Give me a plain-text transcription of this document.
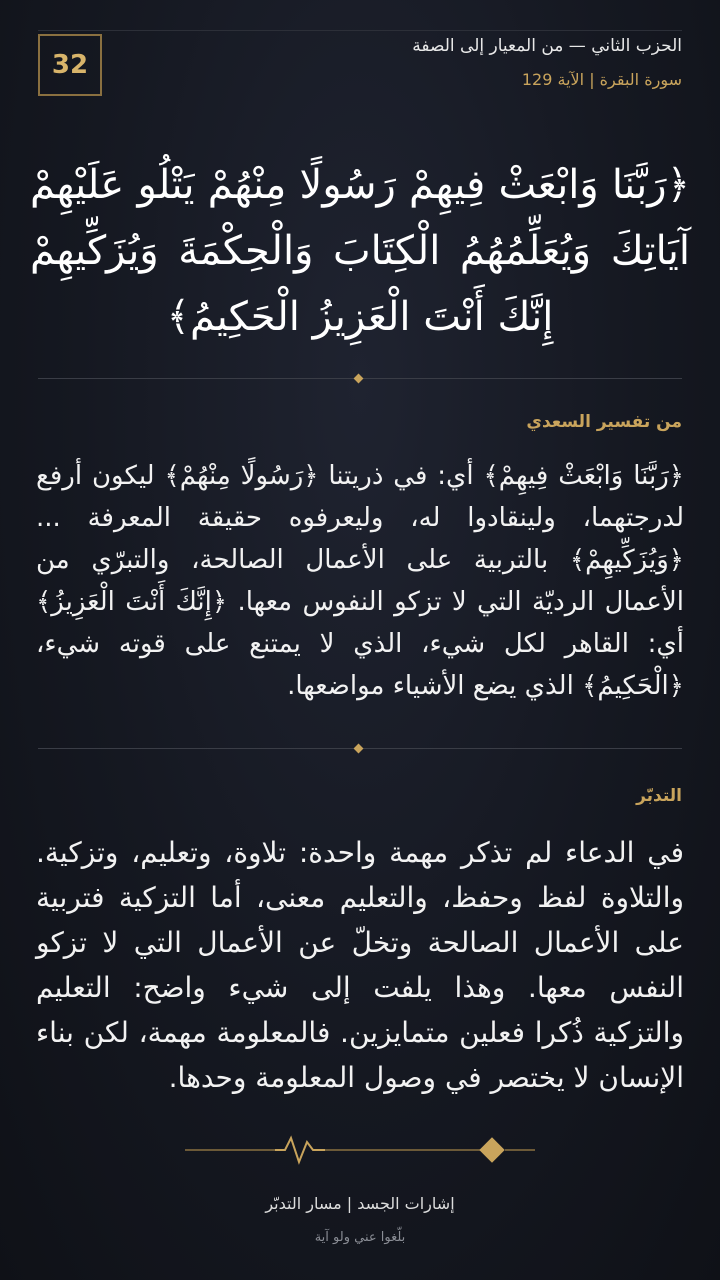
32
الحزب الثاني — من المعيار إلى الصفة
سورة البقرة | الآية 129
﴿رَبَّنَا وَابْعَثْ فِيهِمْ رَسُولًا مِنْهُمْ يَتْلُو عَلَيْهِمْ آيَاتِكَ وَيُعَلِّمُهُمُ الْكِتَابَ وَالْحِكْمَةَ وَيُزَكِّيهِمْ إِنَّكَ أَنْتَ الْعَزِيزُ الْحَكِيمُ﴾
من تفسير السعدي
﴿رَبَّنَا وَابْعَثْ فِيهِمْ﴾ أي: في ذريتنا ﴿رَسُولًا مِنْهُمْ﴾ ليكون أرفع لدرجتهما، ولينقادوا له، وليعرفوه حقيقة المعرفة ... ﴿وَيُزَكِّيهِمْ﴾ بالتربية على الأعمال الصالحة، والتبرّي من الأعمال الرديّة التي لا تزكو النفوس معها. ﴿إِنَّكَ أَنْتَ الْعَزِيزُ﴾ أي: القاهر لكل شيء، الذي لا يمتنع على قوته شيء، ﴿الْحَكِيمُ﴾ الذي يضع الأشياء مواضعها.
التدبّر
في الدعاء لم تذكر مهمة واحدة: تلاوة، وتعليم، وتزكية. والتلاوة لفظ وحفظ، والتعليم معنى، أما التزكية فتربية على الأعمال الصالحة وتخلّ عن الأعمال التي لا تزكو النفس معها. وهذا يلفت إلى شيء واضح: التعليم والتزكية ذُكرا فعلين متمايزين. فالمعلومة مهمة، لكن بناء الإنسان لا يختصر في وصول المعلومة وحدها.
إشارات الجسد | مسار التدبّر
بلّغوا عني ولو آية
